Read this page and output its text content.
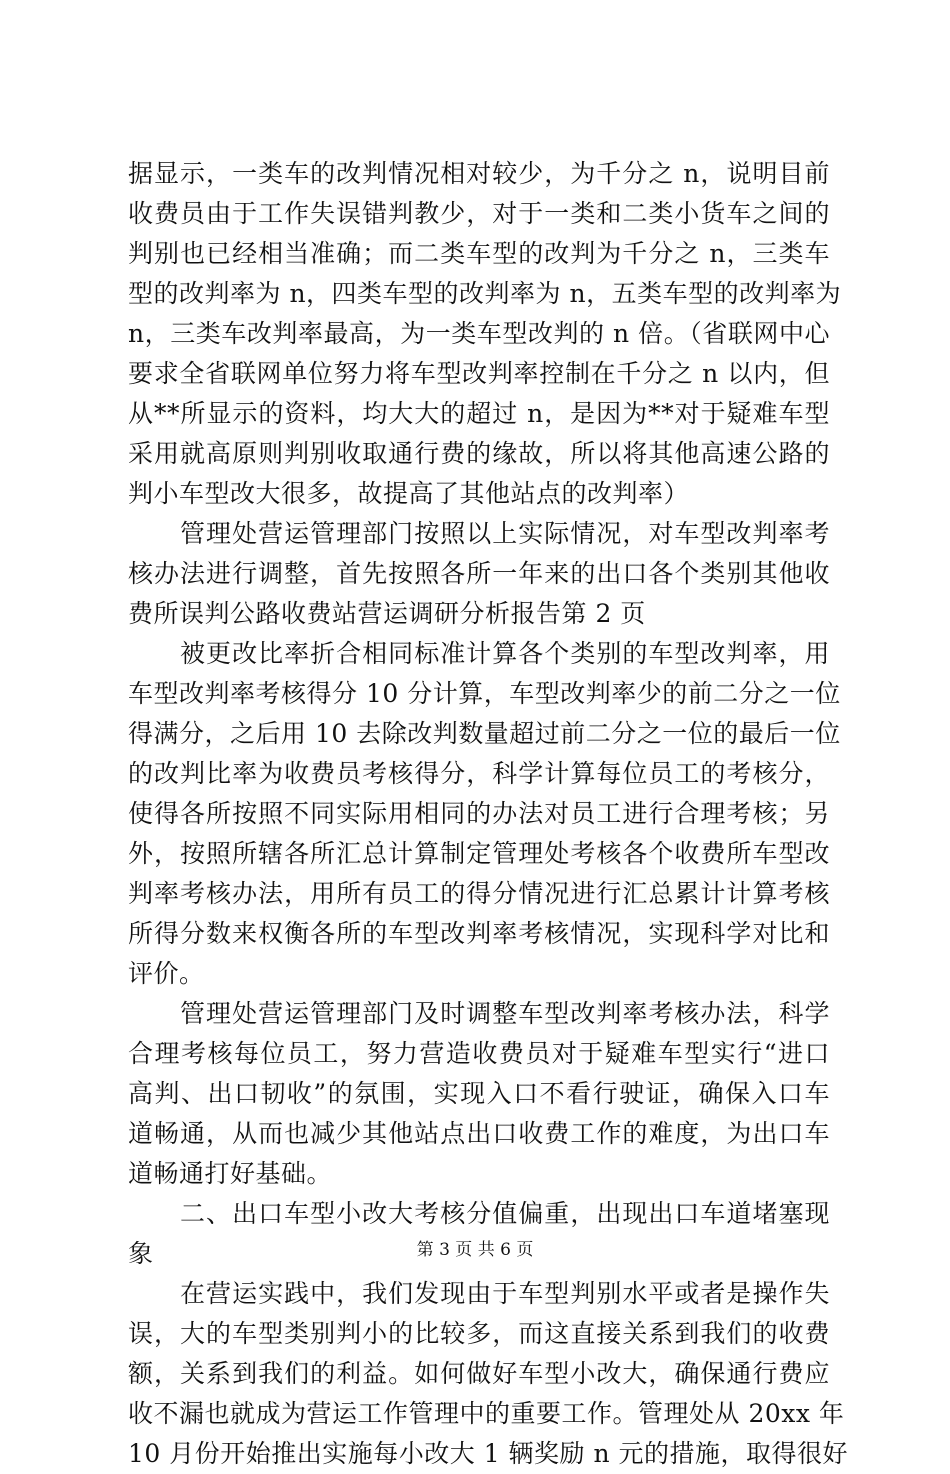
据显示，一类车的改判情况相对较少，为千分之 n，说明目前
收费员由于工作失误错判教少，对于一类和二类小货车之间的
判别也已经相当准确；而二类车型的改判为千分之 n，三类车
型的改判率为 n，四类车型的改判率为 n，五类车型的改判率为
n，三类车改判率最高，为一类车型改判的 n 倍。（省联网中心
要求全省联网单位努力将车型改判率控制在千分之 n 以内，但
从**所显示的资料，均大大的超过 n，是因为**对于疑难车型
采用就高原则判别收取通行费的缘故，所以将其他高速公路的
判小车型改大很多，故提高了其他站点的改判率）
　　管理处营运管理部门按照以上实际情况，对车型改判率考
核办法进行调整，首先按照各所一年来的出口各个类别其他收
费所误判公路收费站营运调研分析报告第 2 页
　　被更改比率折合相同标准计算各个类别的车型改判率，用
车型改判率考核得分 10 分计算，车型改判率少的前二分之一位
得满分，之后用 10 去除改判数量超过前二分之一位的最后一位
的改判比率为收费员考核得分，科学计算每位员工的考核分，
使得各所按照不同实际用相同的办法对员工进行合理考核；另
外，按照所辖各所汇总计算制定管理处考核各个收费所车型改
判率考核办法，用所有员工的得分情况进行汇总累计计算考核
所得分数来权衡各所的车型改判率考核情况，实现科学对比和
评价。
　　管理处营运管理部门及时调整车型改判率考核办法，科学
合理考核每位员工，努力营造收费员对于疑难车型实行“进口
高判、出口韧收”的氛围，实现入口不看行驶证，确保入口车
道畅通，从而也减少其他站点出口收费工作的难度，为出口车
道畅通打好基础。
　　二、出口车型小改大考核分值偏重，出现出口车道堵塞现
象
　　在营运实践中，我们发现由于车型判别水平或者是操作失
误，大的车型类别判小的比较多，而这直接关系到我们的收费
额，关系到我们的利益。如何做好车型小改大，确保通行费应
收不漏也就成为营运工作管理中的重要工作。管理处从 20xx 年
10 月份开始推出实施每小改大 1 辆奖励 n 元的措施，取得很好
第 3 页 共 6 页
